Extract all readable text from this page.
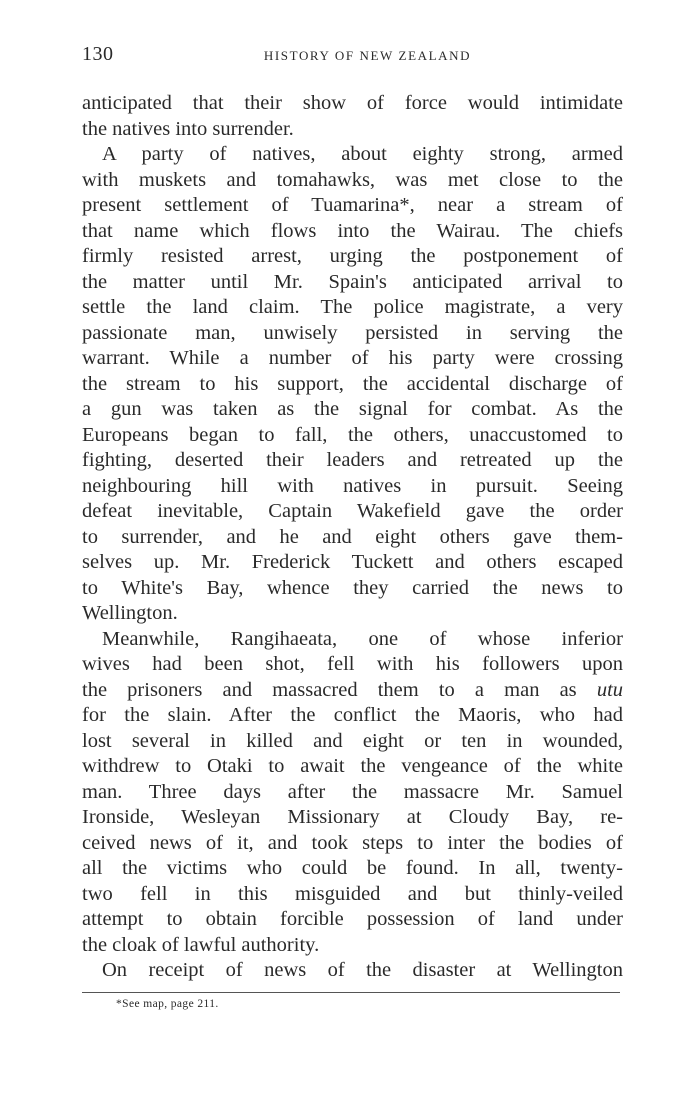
130	HISTORY OF NEW ZEALAND
anticipated that their show of force would intimidate
the natives into surrender.
A party of natives, about eighty strong, armed
with muskets and tomahawks, was met close to the
present settlement of Tuamarina*, near a stream of
that name which flows into the Wairau. The chiefs
firmly resisted arrest, urging the postponement of
the matter until Mr. Spain's anticipated arrival to
settle the land claim. The police magistrate, a very
passionate man, unwisely persisted in serving the
warrant. While a number of his party were crossing
the stream to his support, the accidental discharge of
a gun was taken as the signal for combat. As the
Europeans began to fall, the others, unaccustomed to
fighting, deserted their leaders and retreated up the
neighbouring hill with natives in pursuit. Seeing
defeat inevitable, Captain Wakefield gave the order
to surrender, and he and eight others gave them-
selves up. Mr. Frederick Tuckett and others escaped
to White's Bay, whence they carried the news to
Wellington.
Meanwhile, Rangihaeata, one of whose inferior
wives had been shot, fell with his followers upon
the prisoners and massacred them to a man as utu
for the slain. After the conflict the Maoris, who had
lost several in killed and eight or ten in wounded,
withdrew to Otaki to await the vengeance of the white
man. Three days after the massacre Mr. Samuel
Ironside, Wesleyan Missionary at Cloudy Bay, re-
ceived news of it, and took steps to inter the bodies of
all the victims who could be found. In all, twenty-
two fell in this misguided and but thinly-veiled
attempt to obtain forcible possession of land under
the cloak of lawful authority.
On receipt of news of the disaster at Wellington
*See map, page 211.
